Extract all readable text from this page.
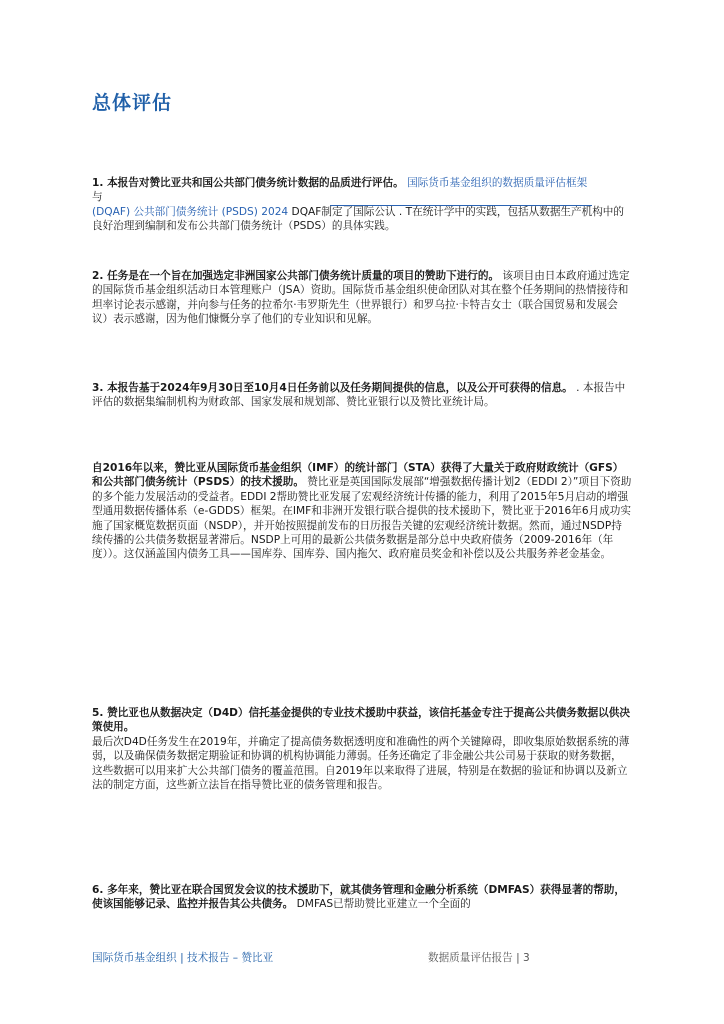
总体评估

1. 本报告对赞比亚共和国公共部门债务统计数据的品质进行评估。 国际货币基金组织的数据质量评估框架
与
(DQAF) 公共部门债务统计 (PSDS) 2024 DQAF制定了国际公认 . T在统计学中的实践，包括从数据生产机构中的良好治理到编制和发布公共部门债务统计（PSDS）的具体实践。

2. 任务是在一个旨在加强选定非洲国家公共部门债务统计质量的项目的赞助下进行的。 该项目由日本政府通过选定的国际货币基金组织活动日本管理账户（JSA）资助。国际货币基金组织使命团队对其在整个任务期间的热情接待和坦率讨论表示感谢，并向参与任务的拉希尔·韦罗斯先生（世界银行）和罗乌拉·卡特吉女士（联合国贸易和发展会议）表示感谢，因为他们慷慨分享了他们的专业知识和见解。

3. 本报告基于2024年9月30日至10月4日任务前以及任务期间提供的信息，以及公开可获得的信息。 . 本报告中评估的数据集编制机构为财政部、国家发展和规划部、赞比亚银行以及赞比亚统计局。

自2016年以来，赞比亚从国际货币基金组织（IMF）的统计部门（STA）获得了大量关于政府财政统计（GFS）和公共部门债务统计（PSDS）的技术援助。 赞比亚是英国国际发展部“增强数据传播计划2（EDDI 2）”项目下资助的多个能力发展活动的受益者。EDDI 2帮助赞比亚发展了宏观经济统计传播的能力，利用了2015年5月启动的增强型通用数据传播体系（e-GDDS）框架。在IMF和非洲开发银行联合提供的技术援助下，赞比亚于2016年6月成功实施了国家概览数据页面（NSDP），并开始按照提前发布的日历报告关键的宏观经济统计数据。然而，通过NSDP持续传播的公共债务数据显著滞后。NSDP上可用的最新公共债务数据是部分总中央政府债务（2009-2016年（年度））。这仅涵盖国内债务工具——国库券、国库券、国内拖欠、政府雇员奖金和补偿以及公共服务养老金基金。

5. 赞比亚也从数据决定（D4D）信托基金提供的专业技术援助中获益，该信托基金专注于提高公共债务数据以供决策使用。
最后次D4D任务发生在2019年，并确定了提高债务数据透明度和准确性的两个关键障碍，即收集原始数据系统的薄弱，以及确保债务数据定期验证和协调的机构协调能力薄弱。任务还确定了非金融公共公司易于获取的财务数据，这些数据可以用来扩大公共部门债务的覆盖范围。自2019年以来取得了进展，特别是在数据的验证和协调以及新立法的制定方面，这些新立法旨在指导赞比亚的债务管理和报告。

6. 多年来，赞比亚在联合国贸发会议的技术援助下，就其债务管理和金融分析系统（DMFAS）获得显著的帮助，使该国能够记录、监控并报告其公共债务。 DMFAS已帮助赞比亚建立一个全面的

国际货币基金组织 | 技术报告 – 赞比亚	数据质量评估报告 | 3
